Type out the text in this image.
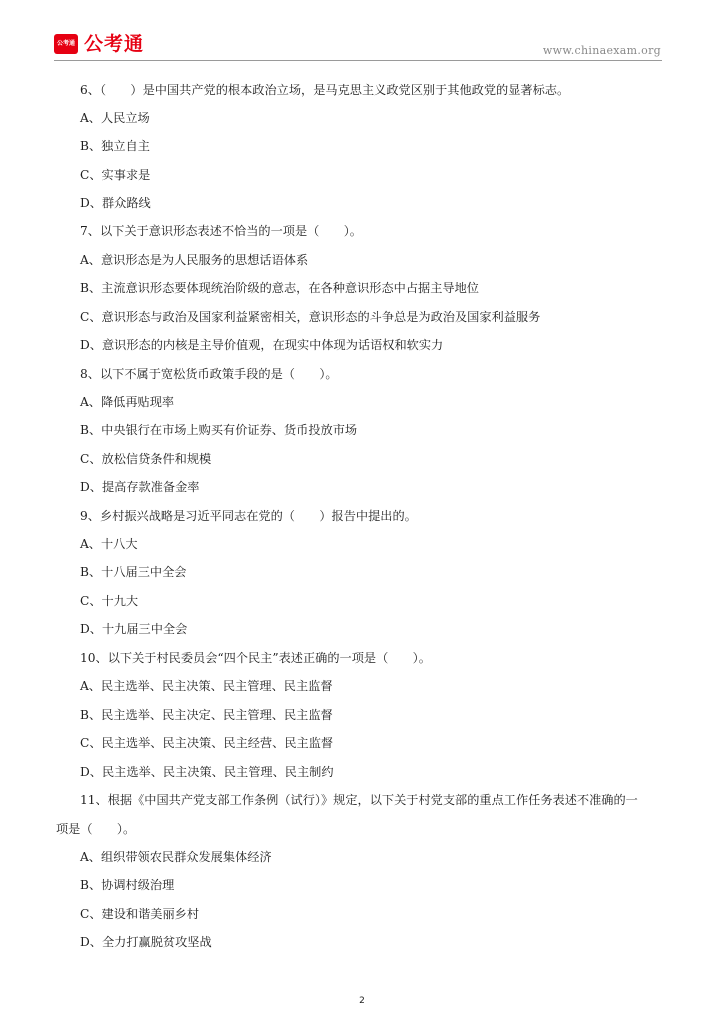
公考通 公考通	www.chinaexam.org
6、（　　）是中国共产党的根本政治立场，是马克思主义政党区别于其他政党的显著标志。
A、人民立场
B、独立自主
C、实事求是
D、群众路线
7、以下关于意识形态表述不恰当的一项是（　　）。
A、意识形态是为人民服务的思想话语体系
B、主流意识形态要体现统治阶级的意志，在各种意识形态中占据主导地位
C、意识形态与政治及国家利益紧密相关，意识形态的斗争总是为政治及国家利益服务
D、意识形态的内核是主导价值观，在现实中体现为话语权和软实力
8、以下不属于宽松货币政策手段的是（　　）。
A、降低再贴现率
B、中央银行在市场上购买有价证券、货币投放市场
C、放松信贷条件和规模
D、提高存款准备金率
9、乡村振兴战略是习近平同志在党的（　　）报告中提出的。
A、十八大
B、十八届三中全会
C、十九大
D、十九届三中全会
10、以下关于村民委员会“四个民主”表述正确的一项是（　　）。
A、民主选举、民主决策、民主管理、民主监督
B、民主选举、民主决定、民主管理、民主监督
C、民主选举、民主决策、民主经营、民主监督
D、民主选举、民主决策、民主管理、民主制约
11、根据《中国共产党支部工作条例（试行）》规定，以下关于村党支部的重点工作任务表述不准确的一
项是（　　）。
A、组织带领农民群众发展集体经济
B、协调村级治理
C、建设和谐美丽乡村
D、全力打赢脱贫攻坚战
2
